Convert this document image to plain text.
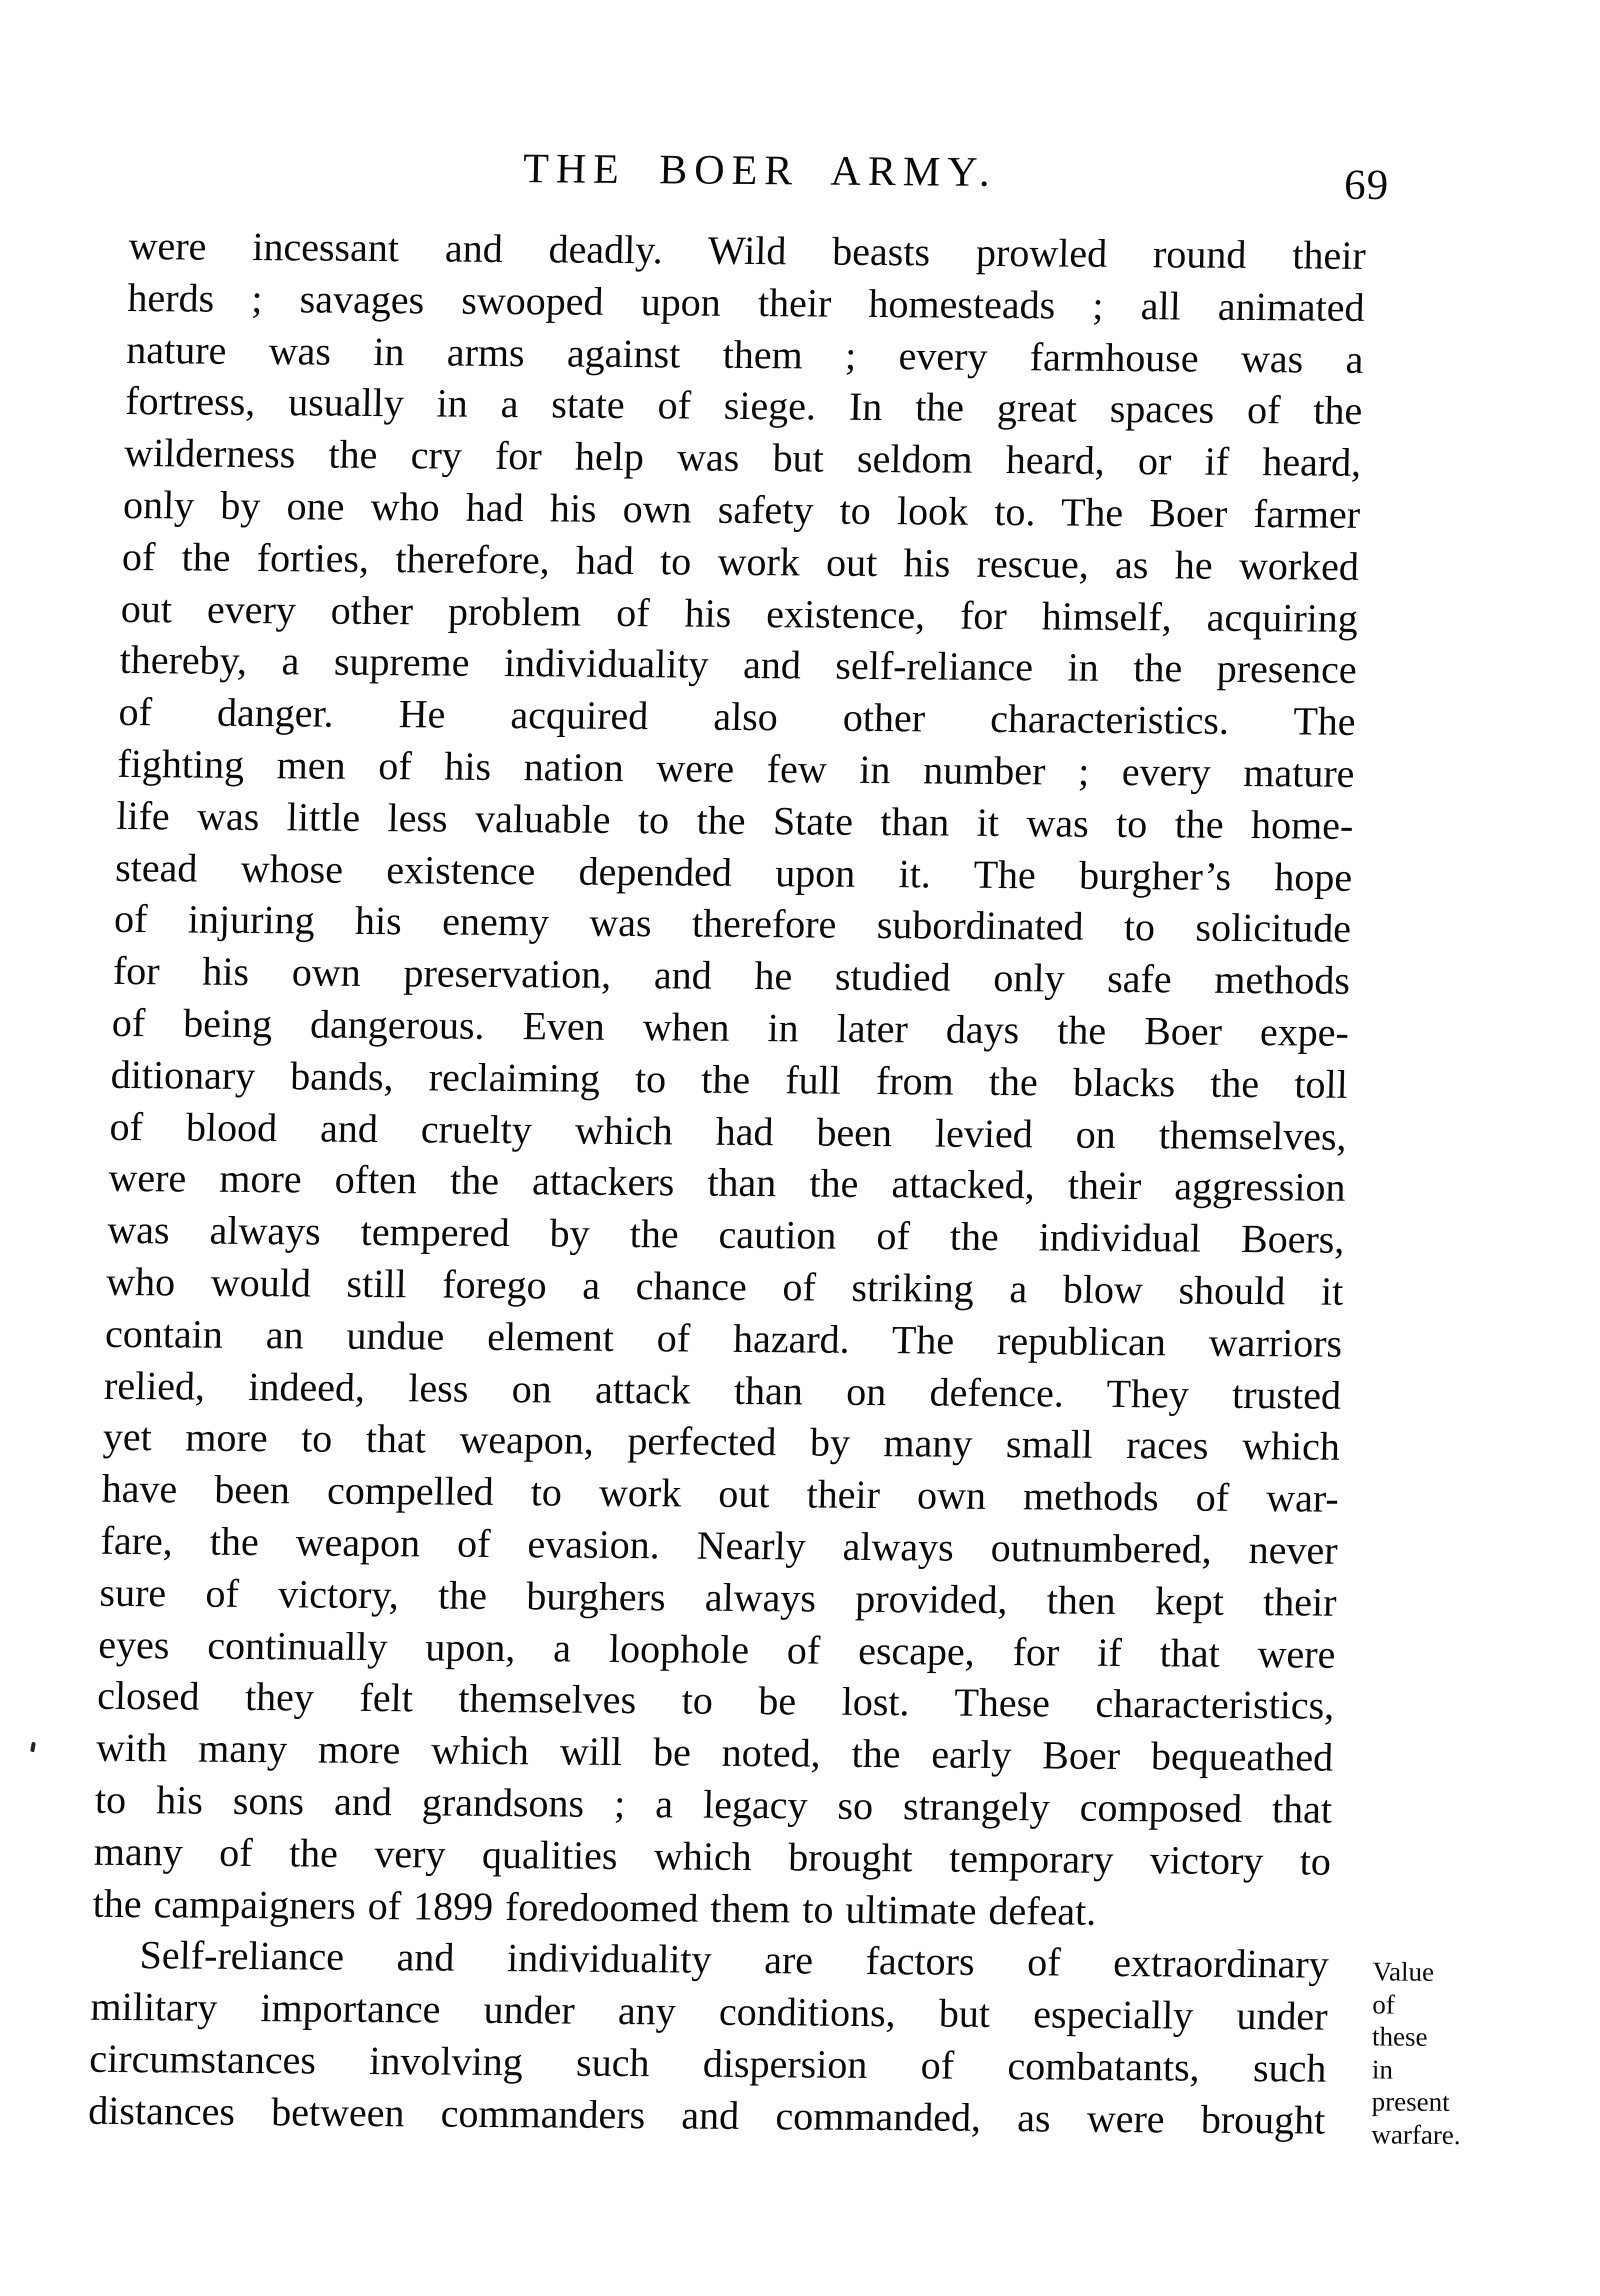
THE BOER ARMY.	69
were incessant and deadly. Wild beasts prowled round their
herds ; savages swooped upon their homesteads ; all animated
nature was in arms against them ; every farmhouse was a
fortress, usually in a state of siege. In the great spaces of the
wilderness the cry for help was but seldom heard, or if heard,
only by one who had his own safety to look to. The Boer farmer
of the forties, therefore, had to work out his rescue, as he worked
out every other problem of his existence, for himself, acquiring
thereby, a supreme individuality and self-reliance in the presence
of danger. He acquired also other characteristics. The
fighting men of his nation were few in number ; every mature
life was little less valuable to the State than it was to the home-
stead whose existence depended upon it. The burgher’s hope
of injuring his enemy was therefore subordinated to solicitude
for his own preservation, and he studied only safe methods
of being dangerous. Even when in later days the Boer expe-
ditionary bands, reclaiming to the full from the blacks the toll
of blood and cruelty which had been levied on themselves,
were more often the attackers than the attacked, their aggression
was always tempered by the caution of the individual Boers,
who would still forego a chance of striking a blow should it
contain an undue element of hazard. The republican warriors
relied, indeed, less on attack than on defence. They trusted
yet more to that weapon, perfected by many small races which
have been compelled to work out their own methods of war-
fare, the weapon of evasion. Nearly always outnumbered, never
sure of victory, the burghers always provided, then kept their
eyes continually upon, a loophole of escape, for if that were
closed they felt themselves to be lost. These characteristics,
with many more which will be noted, the early Boer bequeathed
to his sons and grandsons ; a legacy so strangely composed that
many of the very qualities which brought temporary victory to
the campaigners of 1899 foredoomed them to ultimate defeat.
Self-reliance and individuality are factors of extraordinary
military importance under any conditions, but especially under
circumstances involving such dispersion of combatants, such
distances between commanders and commanded, as were brought
Value
of
these
in
present
warfare.
